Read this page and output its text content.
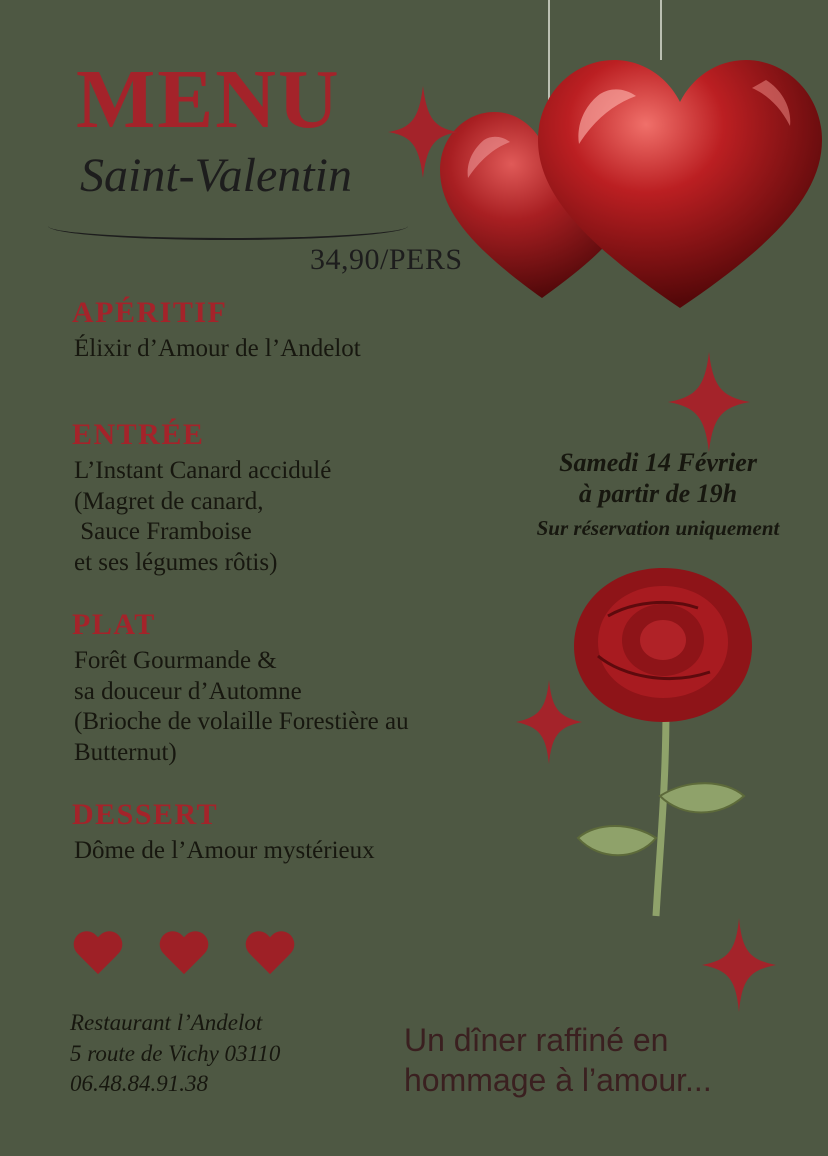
MENU
Saint-Valentin
34,90/PERS
APÉRITIF
Élixir d’Amour de l’Andelot
ENTRÉE
L’Instant Canard accidulé
(Magret de canard,
Sauce Framboise
et ses légumes rôtis)
PLAT
Forêt Gourmande &
sa douceur d’Automne
(Brioche de volaille Forestière au
Butternut)
DESSERT
Dôme de l’Amour mystérieux
Samedi 14 Février
à partir de 19h
Sur réservation uniquement
Restaurant l’Andelot
5 route de Vichy 03110
06.48.84.91.38
Un dîner raffiné en
hommage à l’amour...
